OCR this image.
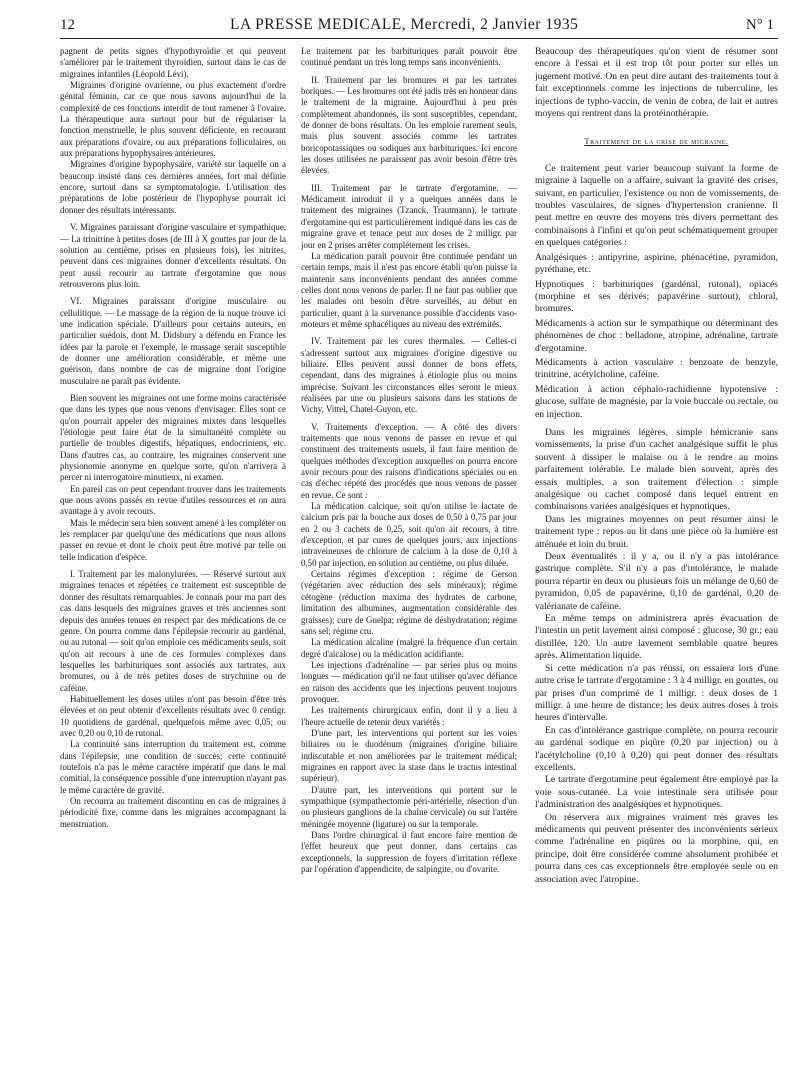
12	LA PRESSE MEDICALE, Mercredi, 2 Janvier 1935	N° 1

pagnent de petits signes d'hypothyroïdie et qui peuvent s'améliorer par le traitement thyroïdien, surtout dans le cas de migraines infantiles (Léopold Lévi).

Migraines d'origine ovarienne, ou plus exactement d'ordre génital féminin, car ce que nous savons aujourd'hui de la complexité de ces fonctions interdit de tout ramener à l'ovaire. La thérapeutique aura surtout pour but de régulariser la fonction menstruelle, le plus souvent déficiente, en recourant aux préparations d'ovaire, ou aux préparations folliculaires, ou aux préparations hypophysaires antérieures.

Migraines d'origine hypophysaire, variété sur laquelle on a beaucoup insisté dans ces dernières années, fort mal définie encore, surtout dans sa symptomatologie. L'utilisation des préparations de lobe postérieur de l'hypophyse pourrait ici donner des résultats intéressants.

V. Migraines paraissant d'origine vasculaire et sympathique. — La trinitrine à petites doses (de III à X gouttes par jour de la solution au centième, prises en plusieurs fois), les nitrites, peuvent dans ces migraines donner d'excellents résultats. On peut aussi recourir au tartrate d'ergotamine que nous retrouverons plus loin.

VI. Migraines paraissant d'origine musculaire ou cellulitique. — Le massage de la région de la nuque trouve ici une indication spéciale. D'ailleurs pour certains auteurs, en particulier suédois, dont M. Didsbury a défendu en France les idées par la parole et l'exemple, le massage serait susceptible de donner une amélioration considérable, et même une guérison, dans nombre de cas de migraine dont l'origine musculaire ne paraît pas évidente.

Bien souvent les migraines ont une forme moins caractérisée que dans les types que nous venons d'envisager. Elles sont ce qu'on pourrait appeler des migraines mixtes dans lesquelles l'étiologie peut faire état de la simultanéité complète ou partielle de troubles digestifs, hépatiques, endocriniens, etc. Dans d'autres cas, au contraire, les migraines conservent une physionomie anonyme en quelque sorte, qu'on n'arrivera à percer ni interrogatoire minutieux, ni examen.

En pareil cas on peut cependant trouver dans les traitements que nous avons passés en revue d'utiles ressources et on aura avantage à y avoir recours.

Mais le médecin sera bien souvent amené à les compléter ou les remplacer par quelqu'une des médications que nous allons passer en revue et dont le choix peut être motivé par telle ou telle indication d'espèce.

I. Traitement par les malonylurées. — Réservé surtout aux migraines tenaces et répétées ce traitement est susceptible de donner des résultats remarquables. Je connais pour ma part des cas dans lesquels des migraines graves et très anciennes sont depuis des années tenues en respect par des médications de ce genre. On pourra comme dans l'épilepsie recourir au gardénal, ou au rutonal — soit qu'on emploie ces médicaments seuls, soit qu'on ait recours à une de ces formules complexes dans lesquelles les barbituriques sont associés aux tartrates, aux bromures, ou à de très petites doses de strychnine ou de caféine.

Habituellement les doses utiles n'ont pas besoin d'être très élevées et on peut obtenir d'excellents résultats avec 0 centigr. 10 quotidiens de gardénal, quelquefois même avec 0,05; ou avec 0,20 ou 0,10 de rutonal.

La continuité sans interruption du traitement est, comme dans l'épilepsie, une condition de succès; cette continuité toutefois n'a pas le même caractère impératif que dans le mal comitial, la conséquence possible d'une interruption n'ayant pas le même caractère de gravité.

On recourra au traitement discontinu en cas de migraines à périodicité fixe, comme dans les migraines accompagnant la menstruation.

Le traitement par les barbituriques paraît pouvoir être continué pendant un très long temps sans inconvénients.

II. Traitement par les bromures et par les tartrates boriques. — Les bromures ont été jadis très en honneur dans le traitement de la migraine. Aujourd'hui à peu près complètement abandonnés, ils sont susceptibles, cependant, de donner de bons résultats. On les emploie rarement seuls, mais plus souvent associés comme les tartrates boricopotassiques ou sodiques aux barbituriques. Ici encore les doses utilisées ne paraissent pas avoir besoin d'être très élevées.

III. Traitement par le tartrate d'ergotamine. — Médicament introduit il y a quelques années dans le traitement des migraines (Tzanck, Trautmann), le tartrate d'ergotamine qui est particulièrement indiqué dans les cas de migraine grave et tenace peut aux doses de 2 milligr. par jour en 2 prises arrêter complètement les crises.

La médication paraît pouvoir être continuée pendant un certain temps, mais il n'est pas encore établi qu'on puisse la maintenir sans inconvénients pendant des années comme celles dont nous venons de parler. Il ne faut pas oublier que les malades ont besoin d'être surveillés, au début en particulier, quant à la survenance possible d'accidents vaso-moteurs et même sphacéliques au niveau des extrémités.

IV. Traitement par les cures thermales. — Celles-ci s'adressent surtout aux migraines d'origine digestive ou biliaire. Elles peuvent aussi donner de bons effets, cependant, dans des migraines à étiologie plus ou moins imprécise. Suivant les circonstances elles seront le mieux réalisées par une ou plusieurs saisons dans les stations de Vichy, Vittel, Chatel-Guyon, etc.

V. Traitements d'exception. — A côté des divers traitements que nous venons de passer en revue et qui constituent des traitements usuels, il faut faire mention de quelques méthodes d'exception auxquelles on pourra encore avoir recours pour des raisons d'indications spéciales ou en cas d'échec répété des procédés que nous venons de passer en revue. Ce sont :

La médication calcique, soit qu'on utilise le lactate de calcium pris par la bouche aux doses de 0,50 à 0,75 par jour en 2 ou 3 cachets de 0,25, soit qu'on ait recours, à titre d'exception, et par cures de quelques jours, aux injections intraveineuses de chlorure de calcium à la dose de 0,10 à 0,50 par injection, en solution au centième, ou plus diluée.

Certains régimes d'exception : régime de Gerson (végétarien avec réduction des sels minéraux); régime cétogène (réduction maxima des hydrates de carbone, limitation des albumines, augmentation considérable des graisses); cure de Guelpa; régime de déshydratation; régime sans sel; régime cru.

La médication alcaline (malgré la fréquence d'un certain degré d'alcalose) ou la médication acidifiante.

Les injections d'adrénaline — par séries plus ou moins longues — médication qu'il ne faut utiliser qu'avec défiance en raison des accidents que les injections peuvent toujours provoquer.

Les traitements chirurgicaux enfin, dont il y a lieu à l'heure actuelle de retenir deux variétés :

D'une part, les interventions qui portent sur les voies biliaires ou le duodénum (migraines d'origine biliaire indiscutable et non améliorées par le traitement médical; migraines en rapport avec la stase dans le tractus intestinal supérieur).

D'autre part, les interventions qui portent sur le sympathique (sympathectomie péri-artérielle, résection d'un ou plusieurs ganglions de la chaîne cervicale) ou sur l'artère méningée moyenne (ligature) ou sur la temporale.

Dans l'ordre chirurgical il faut encore faire mention de l'effet heureux que peut donner, dans certains cas exceptionnels, la suppression de foyers d'irritation réflexe par l'opération d'appendicite, de salpingite, ou d'ovarite.

Beaucoup des thérapeutiques qu'on vient de résumer sont encore à l'essai et il est trop tôt pour porter sur elles un jugement motivé. On en peut dire autant des traitements tout à fait exceptionnels comme les injections de tuberculine, les injections de typho-vaccin, de venin de cobra, de lait et autres moyens qui rentrent dans la protéinothérapie.

Traitement de la crise de migraine.

Ce traitement peut varier beaucoup suivant la forme de migraine à laquelle on a affaire, suivant la gravité des crises, suivant, en particulier, l'existence ou non de vomissements, de troubles vasculaires, de signes d'hypertension cranienne. Il peut mettre en œuvre des moyens très divers permettant des combinaisons à l'infini et qu'on peut schématiquement grouper en quelques catégories :

Analgésiques : antipyrine, aspirine, phénacétine, pyramidon, pyréthane, etc.

Hypnotiques : barbituriques (gardénal, rutonal), opiacés (morphine et ses dérivés; papavérine surtout), chloral, bromures.

Médicaments à action sur le sympathique ou déterminant des phénomènes de choc : belladone, atropine, adrénaline, tartrate d'ergotamine.

Médicaments à action vasculaire : benzoate de benzyle, trinitrine, acétylcholine, caféine.

Médication à action céphalo-rachidienne hypotensive : glucose, sulfate de magnésie, par la voie buccale ou rectale, ou en injection.

Dans les migraines légères, simple hémicranie sans vomissements, la prise d'un cachet analgésique suffit le plus souvent à dissiper le malaise ou à le rendre au moins parfaitement tolérable. Le malade bien souvent, après des essais multiples, a son traitement d'élection : simple analgésique ou cachet composé dans lequel entrent en combinaisons variées analgésiques et hypnotiques.

Dans les migraines moyennes on peut résumer ainsi le traitement type : repos au lit dans une pièce où la lumière est atténuée et loin du bruit.

Deux éventualités : il y a, ou il n'y a pas intolérance gastrique complète. S'il n'y a pas d'intolérance, le malade pourra répartir en deux ou plusieurs fois un mélange de 0,60 de pyramidon, 0,05 de papavérine, 0,10 de gardénal, 0,20 de valérianate de caféine.

En même temps on administrera après évacuation de l'intestin un petit lavement ainsi composé : glucose, 30 gr.; eau distillée, 120. Un autre lavement semblable quatre heures après. Alimentation liquide.

Si cette médication n'a pas réussi, on essaiera lors d'une autre crise le tartrate d'ergotamine : 3 à 4 milligr. en gouttes, ou par prises d'un comprimé de 1 milligr. : deux doses de 1 milligr. à une heure de distance; les deux autres doses à trois heures d'intervalle.

En cas d'intolérance gastrique complète, on pourra recourir au gardénal sodique en piqûre (0,20 par injection) ou à l'acétylcholine (0,10 à 0,20) qui peut donner des résultats excellents.

Le tartrate d'ergotamine peut également être employé par la voie sous-cutanée. La voie intestinale sera utilisée pour l'administration des analgésiques et hypnotiques.

On réservera aux migraines vraiment très graves les médicaments qui peuvent présenter des inconvénients sérieux comme l'adrénaline en piqûres ou la morphine, qui, en principe, doit être considérée comme absolument prohibée et pourra dans ces cas exceptionnels être employée seule ou en association avec l'atropine.
